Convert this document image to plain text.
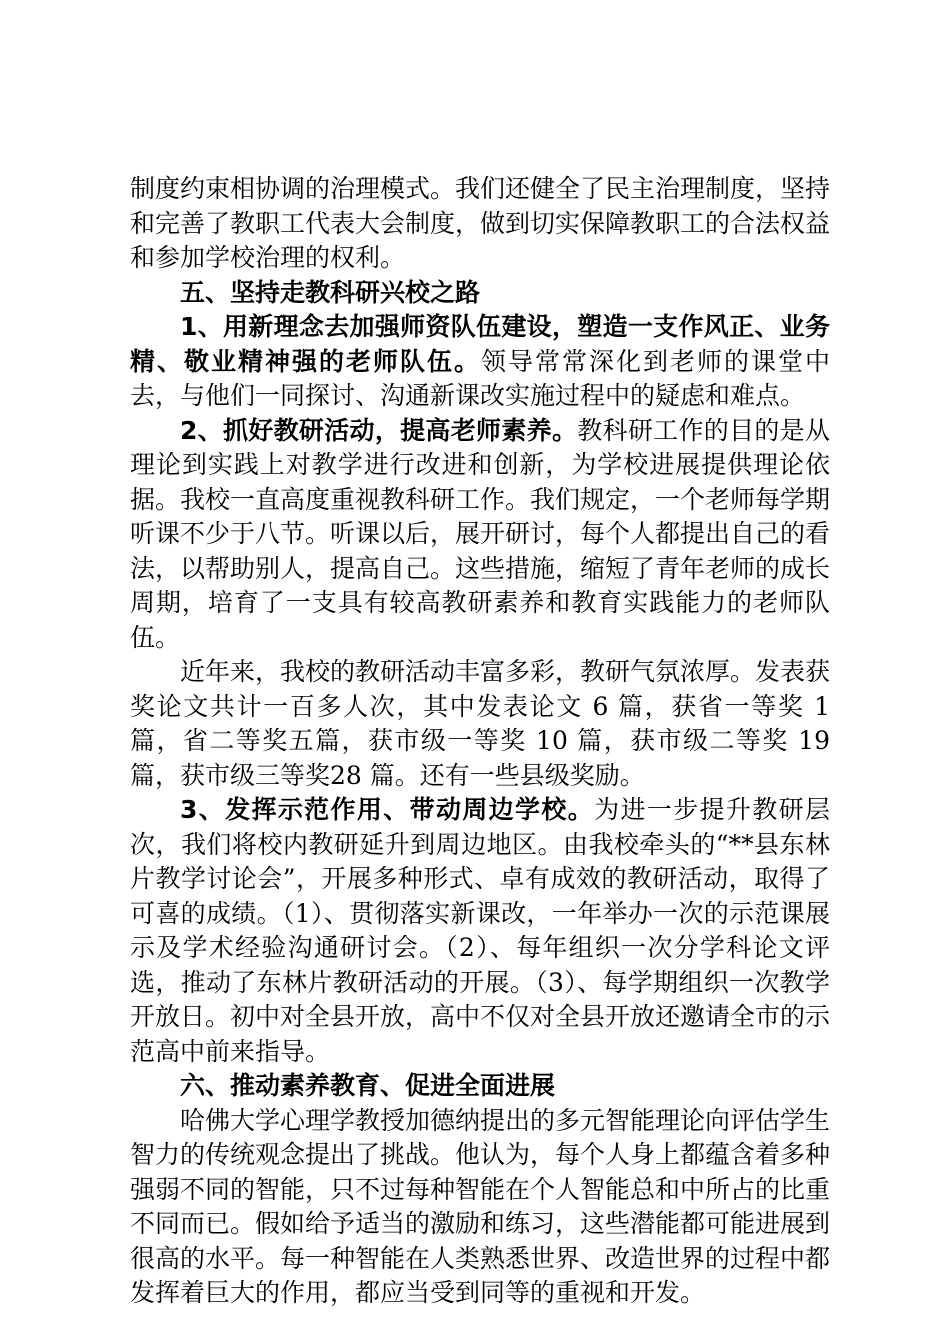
制度约束相协调的治理模式。我们还健全了民主治理制度，坚持和完善了教职工代表大会制度，做到切实保障教职工的合法权益和参加学校治理的权利。

五、坚持走教科研兴校之路

1、用新理念去加强师资队伍建设，塑造一支作风正、业务精、敬业精神强的老师队伍。领导常常深化到老师的课堂中去，与他们一同探讨、沟通新课改实施过程中的疑虑和难点。

2、抓好教研活动，提高老师素养。教科研工作的目的是从理论到实践上对教学进行改进和创新，为学校进展提供理论依据。我校一直高度重视教科研工作。我们规定，一个老师每学期听课不少于八节。听课以后，展开研讨，每个人都提出自己的看法，以帮助别人，提高自己。这些措施，缩短了青年老师的成长周期，培育了一支具有较高教研素养和教育实践能力的老师队伍。

近年来，我校的教研活动丰富多彩，教研气氛浓厚。发表获奖论文共计一百多人次，其中发表论文 6 篇，获省一等奖 1 篇，省二等奖五篇，获市级一等奖 10 篇，获市级二等奖 19 篇，获市级三等奖28 篇。还有一些县级奖励。

3、发挥示范作用、带动周边学校。为进一步提升教研层次，我们将校内教研延升到周边地区。由我校牵头的“**县东林片教学讨论会”，开展多种形式、卓有成效的教研活动，取得了可喜的成绩。（1）、贯彻落实新课改，一年举办一次的示范课展示及学术经验沟通研讨会。（2）、每年组织一次分学科论文评选，推动了东林片教研活动的开展。（3）、每学期组织一次教学开放日。初中对全县开放，高中不仅对全县开放还邀请全市的示范高中前来指导。

六、推动素养教育、促进全面进展

哈佛大学心理学教授加德纳提出的多元智能理论向评估学生智力的传统观念提出了挑战。他认为，每个人身上都蕴含着多种强弱不同的智能，只不过每种智能在个人智能总和中所占的比重不同而已。假如给予适当的激励和练习，这些潜能都可能进展到很高的水平。每一种智能在人类熟悉世界、改造世界的过程中都发挥着巨大的作用，都应当受到同等的重视和开发。
